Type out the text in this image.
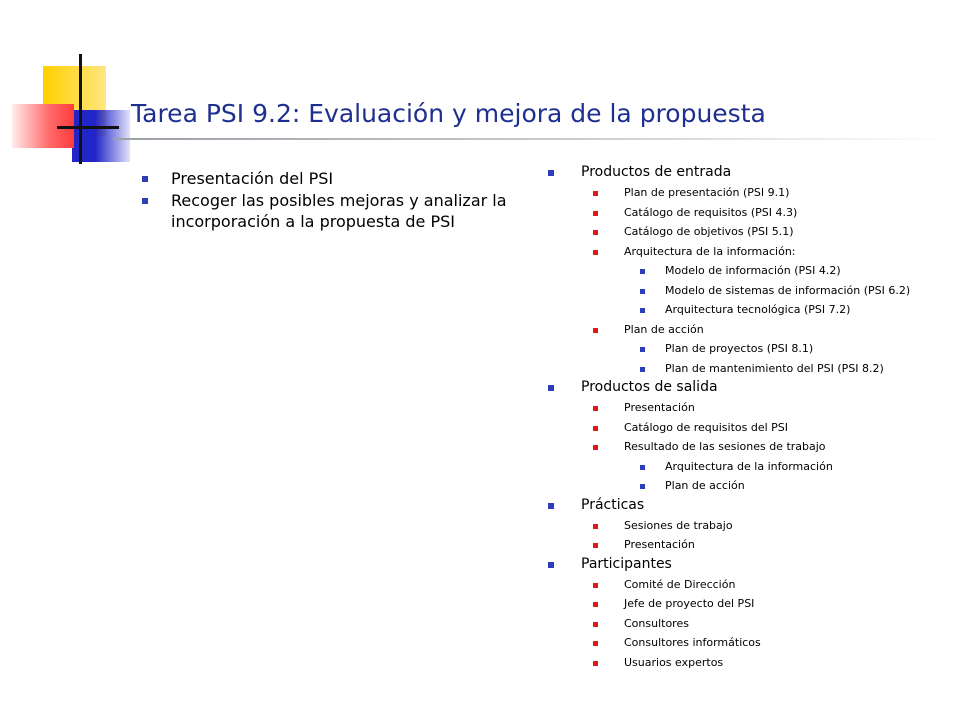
Tarea PSI 9.2: Evaluación y mejora de la propuesta
Presentación del PSI
Recoger las posibles mejoras y analizar la incorporación a la propuesta de PSI
Productos de entrada
Plan de presentación (PSI 9.1)
Catálogo de requisitos (PSI 4.3)
Catálogo de objetivos (PSI 5.1)
Arquitectura de la información:
Modelo de información (PSI 4.2)
Modelo de sistemas de información (PSI 6.2)
Arquitectura tecnológica (PSI 7.2)
Plan de acción
Plan de proyectos (PSI 8.1)
Plan de mantenimiento del PSI (PSI 8.2)
Productos de salida
Presentación
Catálogo de requisitos del PSI
Resultado de las sesiones de trabajo
Arquitectura de la información
Plan de acción
Prácticas
Sesiones de trabajo
Presentación
Participantes
Comité de Dirección
Jefe de proyecto del PSI
Consultores
Consultores informáticos
Usuarios expertos
